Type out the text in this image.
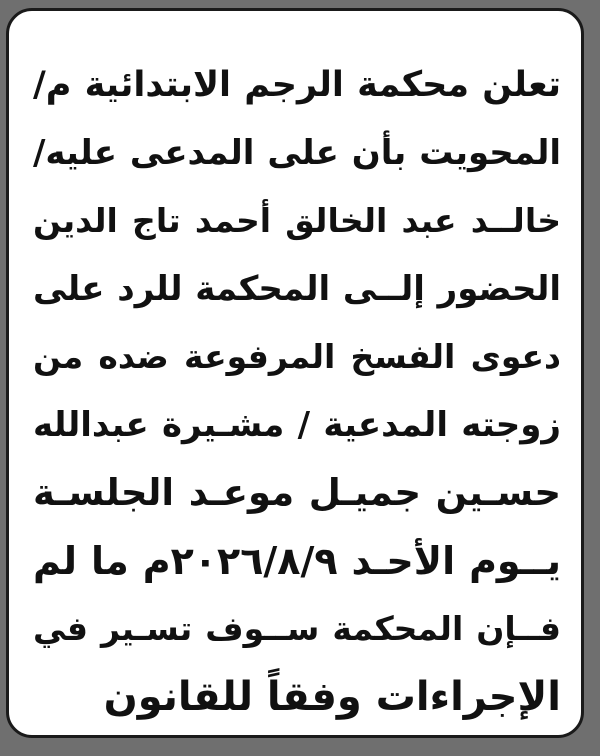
تعلن محكمة الرجم الابتدائية م/
المحويت بأن على المدعى عليه/
خالــد عبد الخالق أحمد تاج الدين
الحضور إلــى المحكمة للرد على
دعوى الفسخ المرفوعة ضده من
زوجته المدعية / مشـيرة عبدالله
حسـين جميـل موعـد الجلسـة
يــوم الأحـد ٢٠٢٦/٨/٩م ما لم
فــإن المحكمة ســوف تسـير في
الإجراءات وفقاً للقانون
